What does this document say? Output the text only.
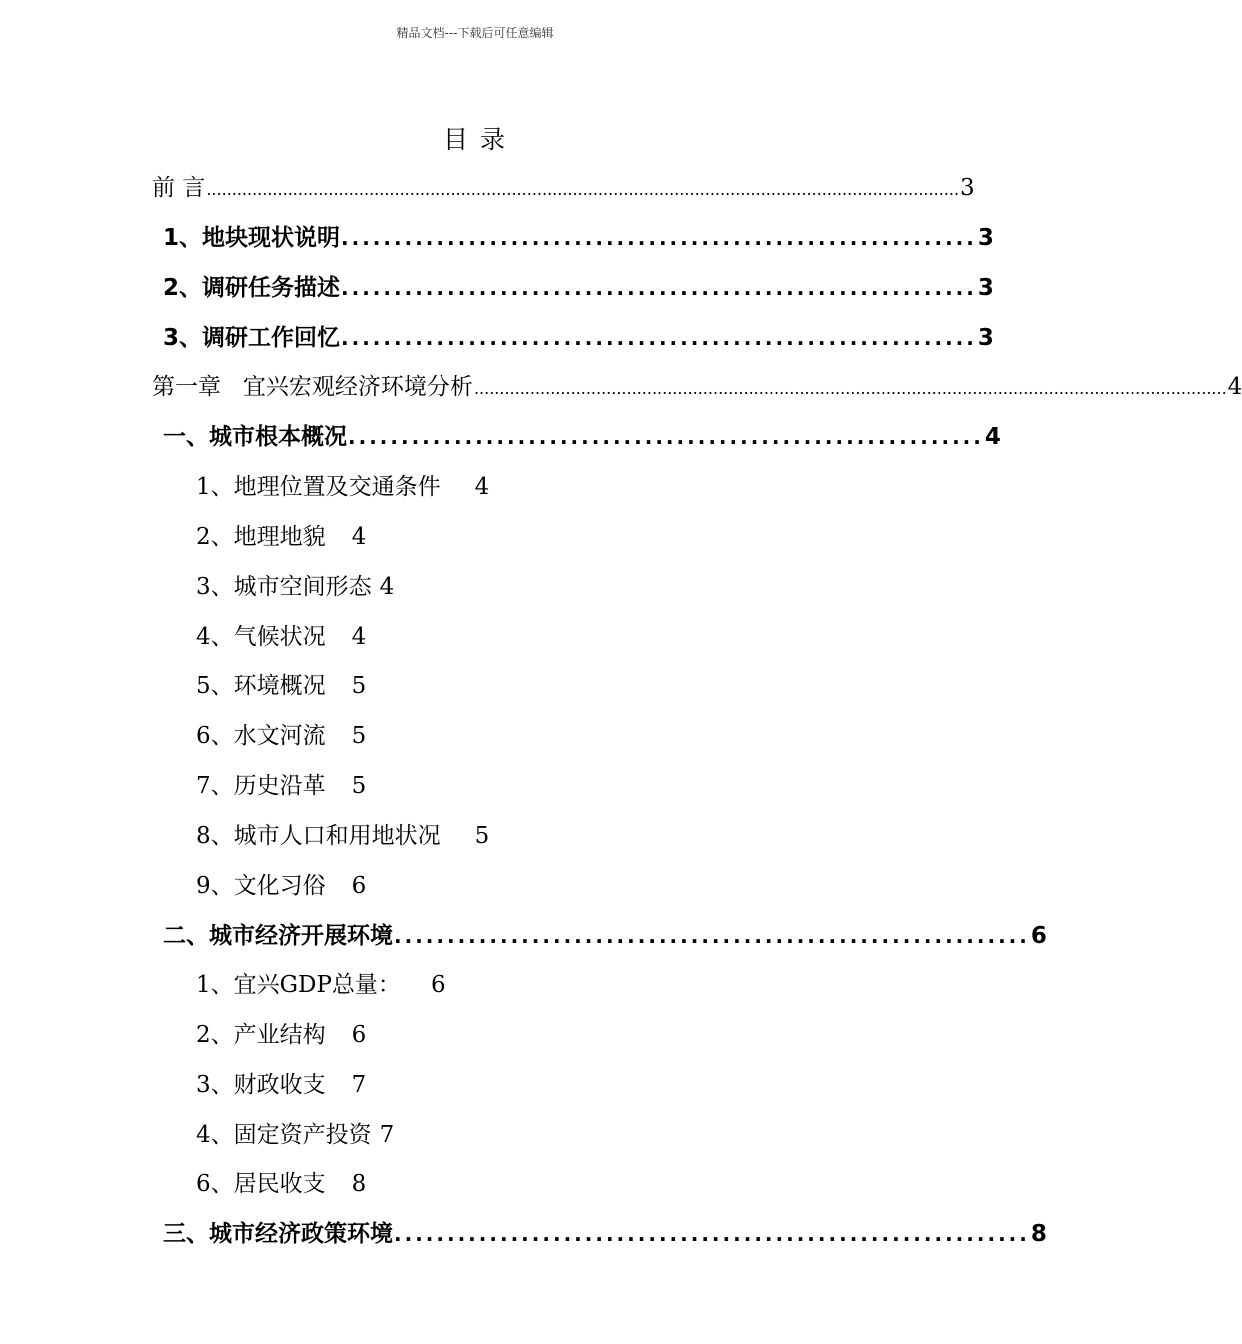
精品文档---下载后可任意编辑
目 录
前 言 .................................................................................................................................................... 3
1、地块现状说明 ............................................................ 3
2、调研任务描述 ............................................................ 3
3、调研工作回忆 ............................................................ 3
第一章   宜兴宏观经济环境分析 .................................................................................................................................................... 4
一、城市根本概况 ............................................................ 4
1、地理位置及交通条件 4
2、地理地貌 4
3、城市空间形态 4
4、气候状况 4
5、环境概况 5
6、水文河流 5
7、历史沿革 5
8、城市人口和用地状况 5
9、文化习俗 6
二、城市经济开展环境 ............................................................ 6
1、宜兴GDP总量： 6
2、产业结构 6
3、财政收支 7
4、固定资产投资 7
6、居民收支 8
三、城市经济政策环境 ............................................................ 8
